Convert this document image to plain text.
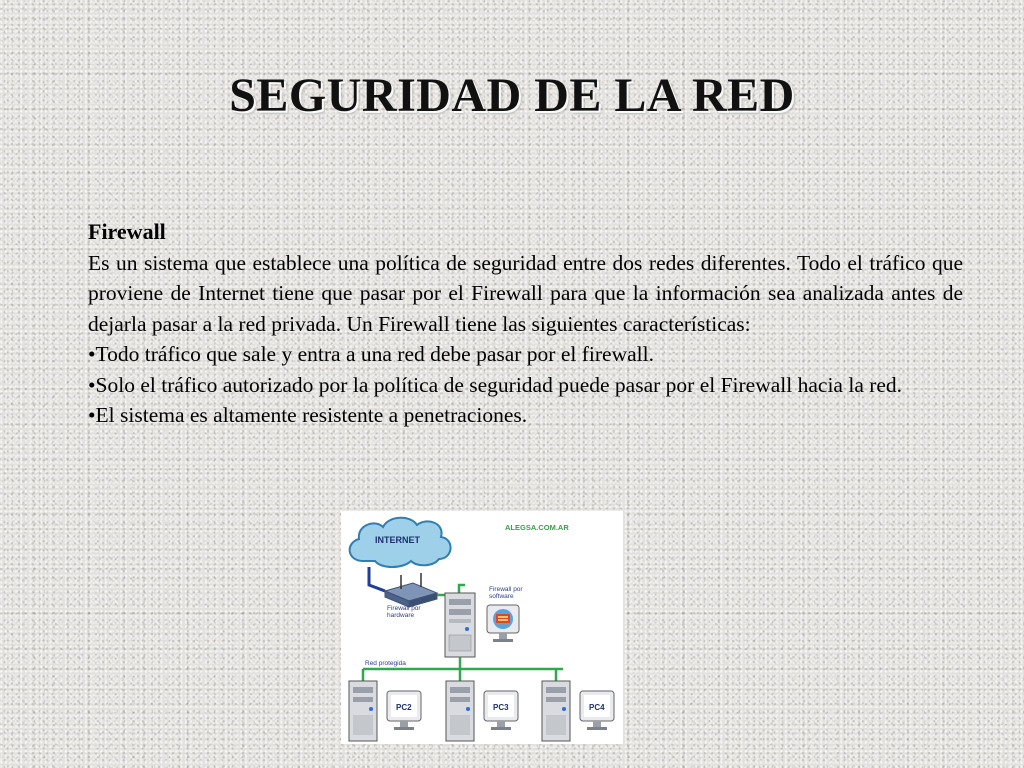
SEGURIDAD DE LA RED

Firewall

Es un sistema que establece una política de seguridad entre dos redes diferentes. Todo el tráfico que proviene de Internet tiene que pasar por el Firewall para que la información sea analizada antes de dejarla pasar a la red privada. Un Firewall tiene las siguientes características:

•Todo tráfico que sale y entra a una red debe pasar por el firewall.

•Solo el tráfico autorizado por la política de seguridad puede pasar por el Firewall hacia la red.

•El sistema es altamente resistente a penetraciones.

INTERNET
ALEGSA.COM.AR
Firewall por
hardware
Firewall por
software
Red protegida
PC2	PC3	PC4
